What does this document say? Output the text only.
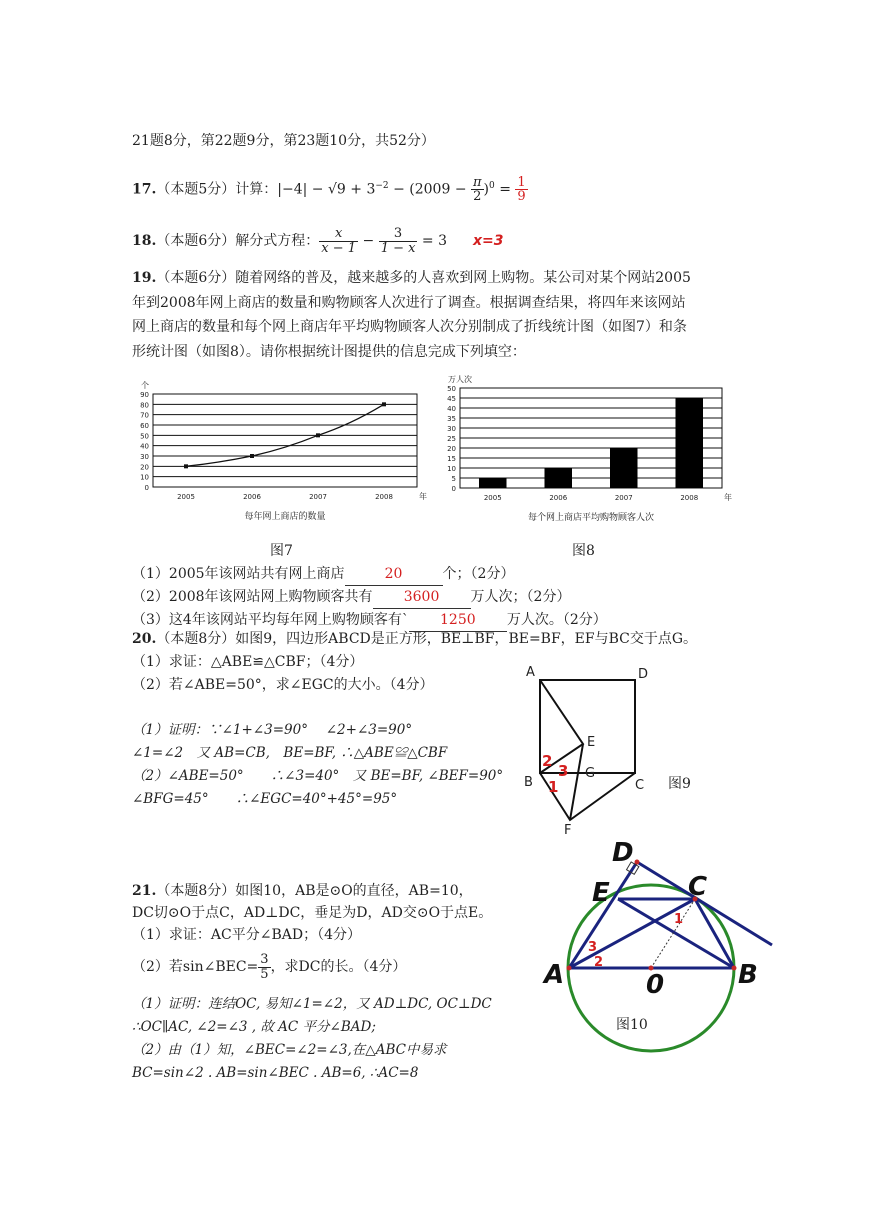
21题8分，第22题9分，第23题10分，共52分）
17.（本题5分）计算：$|-4| - √9 + 3^{-2} - (2009 - \frac{\pi}{2} )^0 = \frac{1}{9}$
18.（本题6分）解分式方程： $\frac{x}{x - 1} - \frac{3}{1 - x} = 3$ x=3
19.（本题6分）随着网络的普及，越来越多的人喜欢到网上购物。某公司对某个网站2005
年到2008年网上商店的数量和购物顾客人次进行了调查。根据调查结果，将四年来该网站
网上商店的数量和每个网上商店年平均购物顾客人次分别制成了折线统计图（如图7）和条
形统计图（如图8）。请你根据统计图提供的信息完成下列填空：
90
80
70
60
50
40
30
20
10
0
个
2005	2006	2007	2008	年
每年网上商店的数量
图7
50
45
40
35
30
25
20
15
10
5
0
万人次
2005	2006	2007	2008	年
每个网上商店平均购物顾客人次
图8
（1）2005年该网站共有网上商店	20	个；（2分）
（2）2008年该网站网上购物顾客共有 3600 万人次；（2分）
（3）这4年该网站平均每年网上购物顾客有` 1250 万人次。（2分）
20.（本题8分）如图9，四边形ABCD是正方形，BE⊥BF，BE=BF，EF与BC交于点G。
（1）求证：△ABE≌△CBF；（4分）
（2）若∠ABE=50°，求∠EGC的大小。（4分）
（1）证明：∵∠1+∠3=90°　 ∠2+∠3=90°
∠1=∠2　又 AB=CB,　BE=BF, ∴△ABE≌△CBF
（2）∠ABE=50°　　∴∠3=40°　又 BE=BF, ∠BEF=90°
∠BFG=45°　　∴∠EGC=40°+45°=95°
A	D
E
G
B	C
F
2
3
1	图9
21.（本题8分）如图10，AB是⊙O的直径，AB=10，
DC切⊙O于点C，AD⊥DC，垂足为D，AD交⊙O于点E。
（1）求证：AC平分∠BAD；（4分）
（2）若sin∠BEC= $\frac{3}{5}$ ，求DC的长。（4分）
（1）证明：连结OC, 易知∠1=∠2，又 AD⊥DC, OC⊥DC
∴OC∥AC, ∠2=∠3 , 故 AC 平分∠BAD;
（2）由（1）知，∠BEC=∠2=∠3,在△ABC中易求
BC=sin∠2 . AB=sin∠BEC . AB=6, ∴AC=8
D
C
E
A	B
0
1
3
2
图10
